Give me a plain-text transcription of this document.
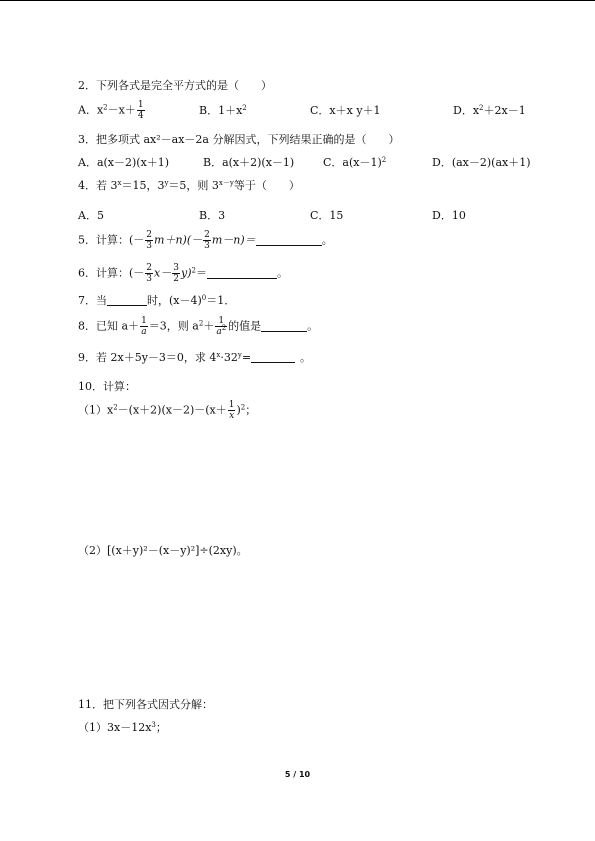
2．下列各式是完全平方式的是（　　）
A．$x^2-x+ \frac{1}{4}$	B．$1+x^2$	C．x＋x y＋1	D．$x^2+2x-1$
3．把多项式 ax²－ax－2a 分解因式，下列结果正确的是（　　）
A．a(x－2)(x＋1)	B．a(x＋2)(x－1)	C．$a(x-1)^2$	D．(ax－2)(ax＋1)
4．若 $3^x=15$，$3^y=5$，则 $3^{x-y}$等于（　　）
A．5	B．3	C．15	D．10
5．计算：(－ $\frac{2}{3} m+n)(- \frac{2}{3} m-n)=$	。
6．计算：(－ $\frac{2}{3} x- \frac{3}{2} y)^2=$	。
7．当	时，$(x-4)^0=1$．
8．已知 $a+ \frac{1}{a} =3$，则 $a^2+ \frac{1}{a^2}$ 的值是	。
9．若 2x＋5y－3＝0，求 $4^x\cdot 32^y=$	。
10．计算：
$(1)x^2-(x+2)(x-2)-(x+ \frac{1}{x} )^2$；
（2）[(x＋y)²－(x－y)²]÷(2xy)。
11．把下列各式因式分解：
$(1)3x-12x^3$；
5 / 10
